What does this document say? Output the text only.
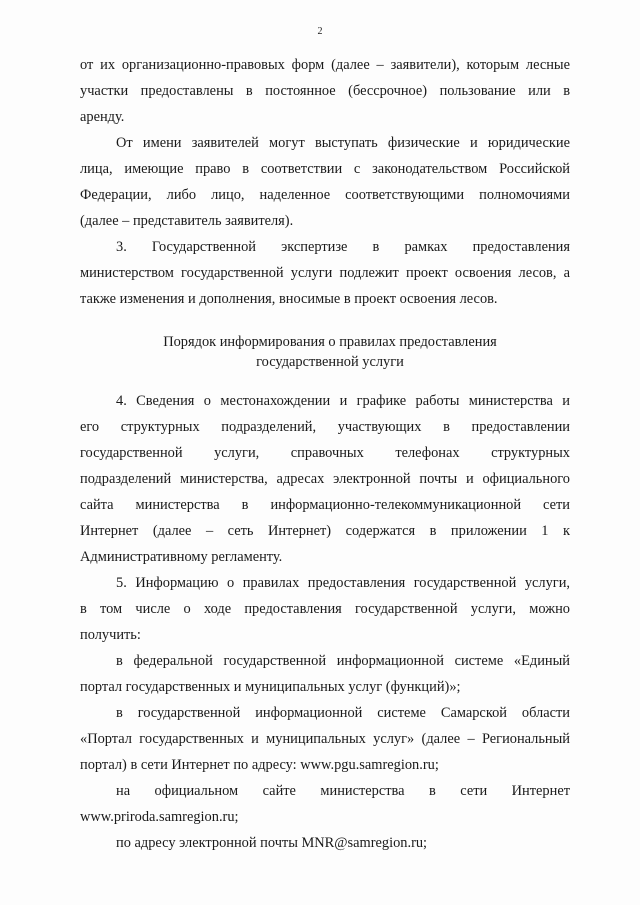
2

от их организационно-правовых форм (далее – заявители), которым лесные
участки предоставлены в постоянное (бессрочное) пользование или в
аренду.

От имени заявителей могут выступать физические и юридические
лица, имеющие право в соответствии с законодательством Российской
Федерации, либо лицо, наделенное соответствующими полномочиями
(далее – представитель заявителя).

3. Государственной экспертизе в рамках предоставления
министерством государственной услуги подлежит проект освоения лесов, а
также изменения и дополнения, вносимые в проект освоения лесов.

Порядок информирования о правилах предоставления
государственной услуги

4. Сведения о местонахождении и графике работы министерства и
его структурных подразделений, участвующих в предоставлении
государственной услуги, справочных телефонах структурных
подразделений министерства, адресах электронной почты и официального
сайта министерства в информационно-телекоммуникационной сети
Интернет (далее – сеть Интернет) содержатся в приложении 1 к
Административному регламенту.

5. Информацию о правилах предоставления государственной услуги,
в том числе о ходе предоставления государственной услуги, можно
получить:

в федеральной государственной информационной системе «Единый
портал государственных и муниципальных услуг (функций)»;

в государственной информационной системе Самарской области
«Портал государственных и муниципальных услуг» (далее – Региональный
портал) в сети Интернет по адресу: www.pgu.samregion.ru;

на официальном сайте министерства в сети Интернет
www.priroda.samregion.ru;

по адресу электронной почты MNR@samregion.ru;
